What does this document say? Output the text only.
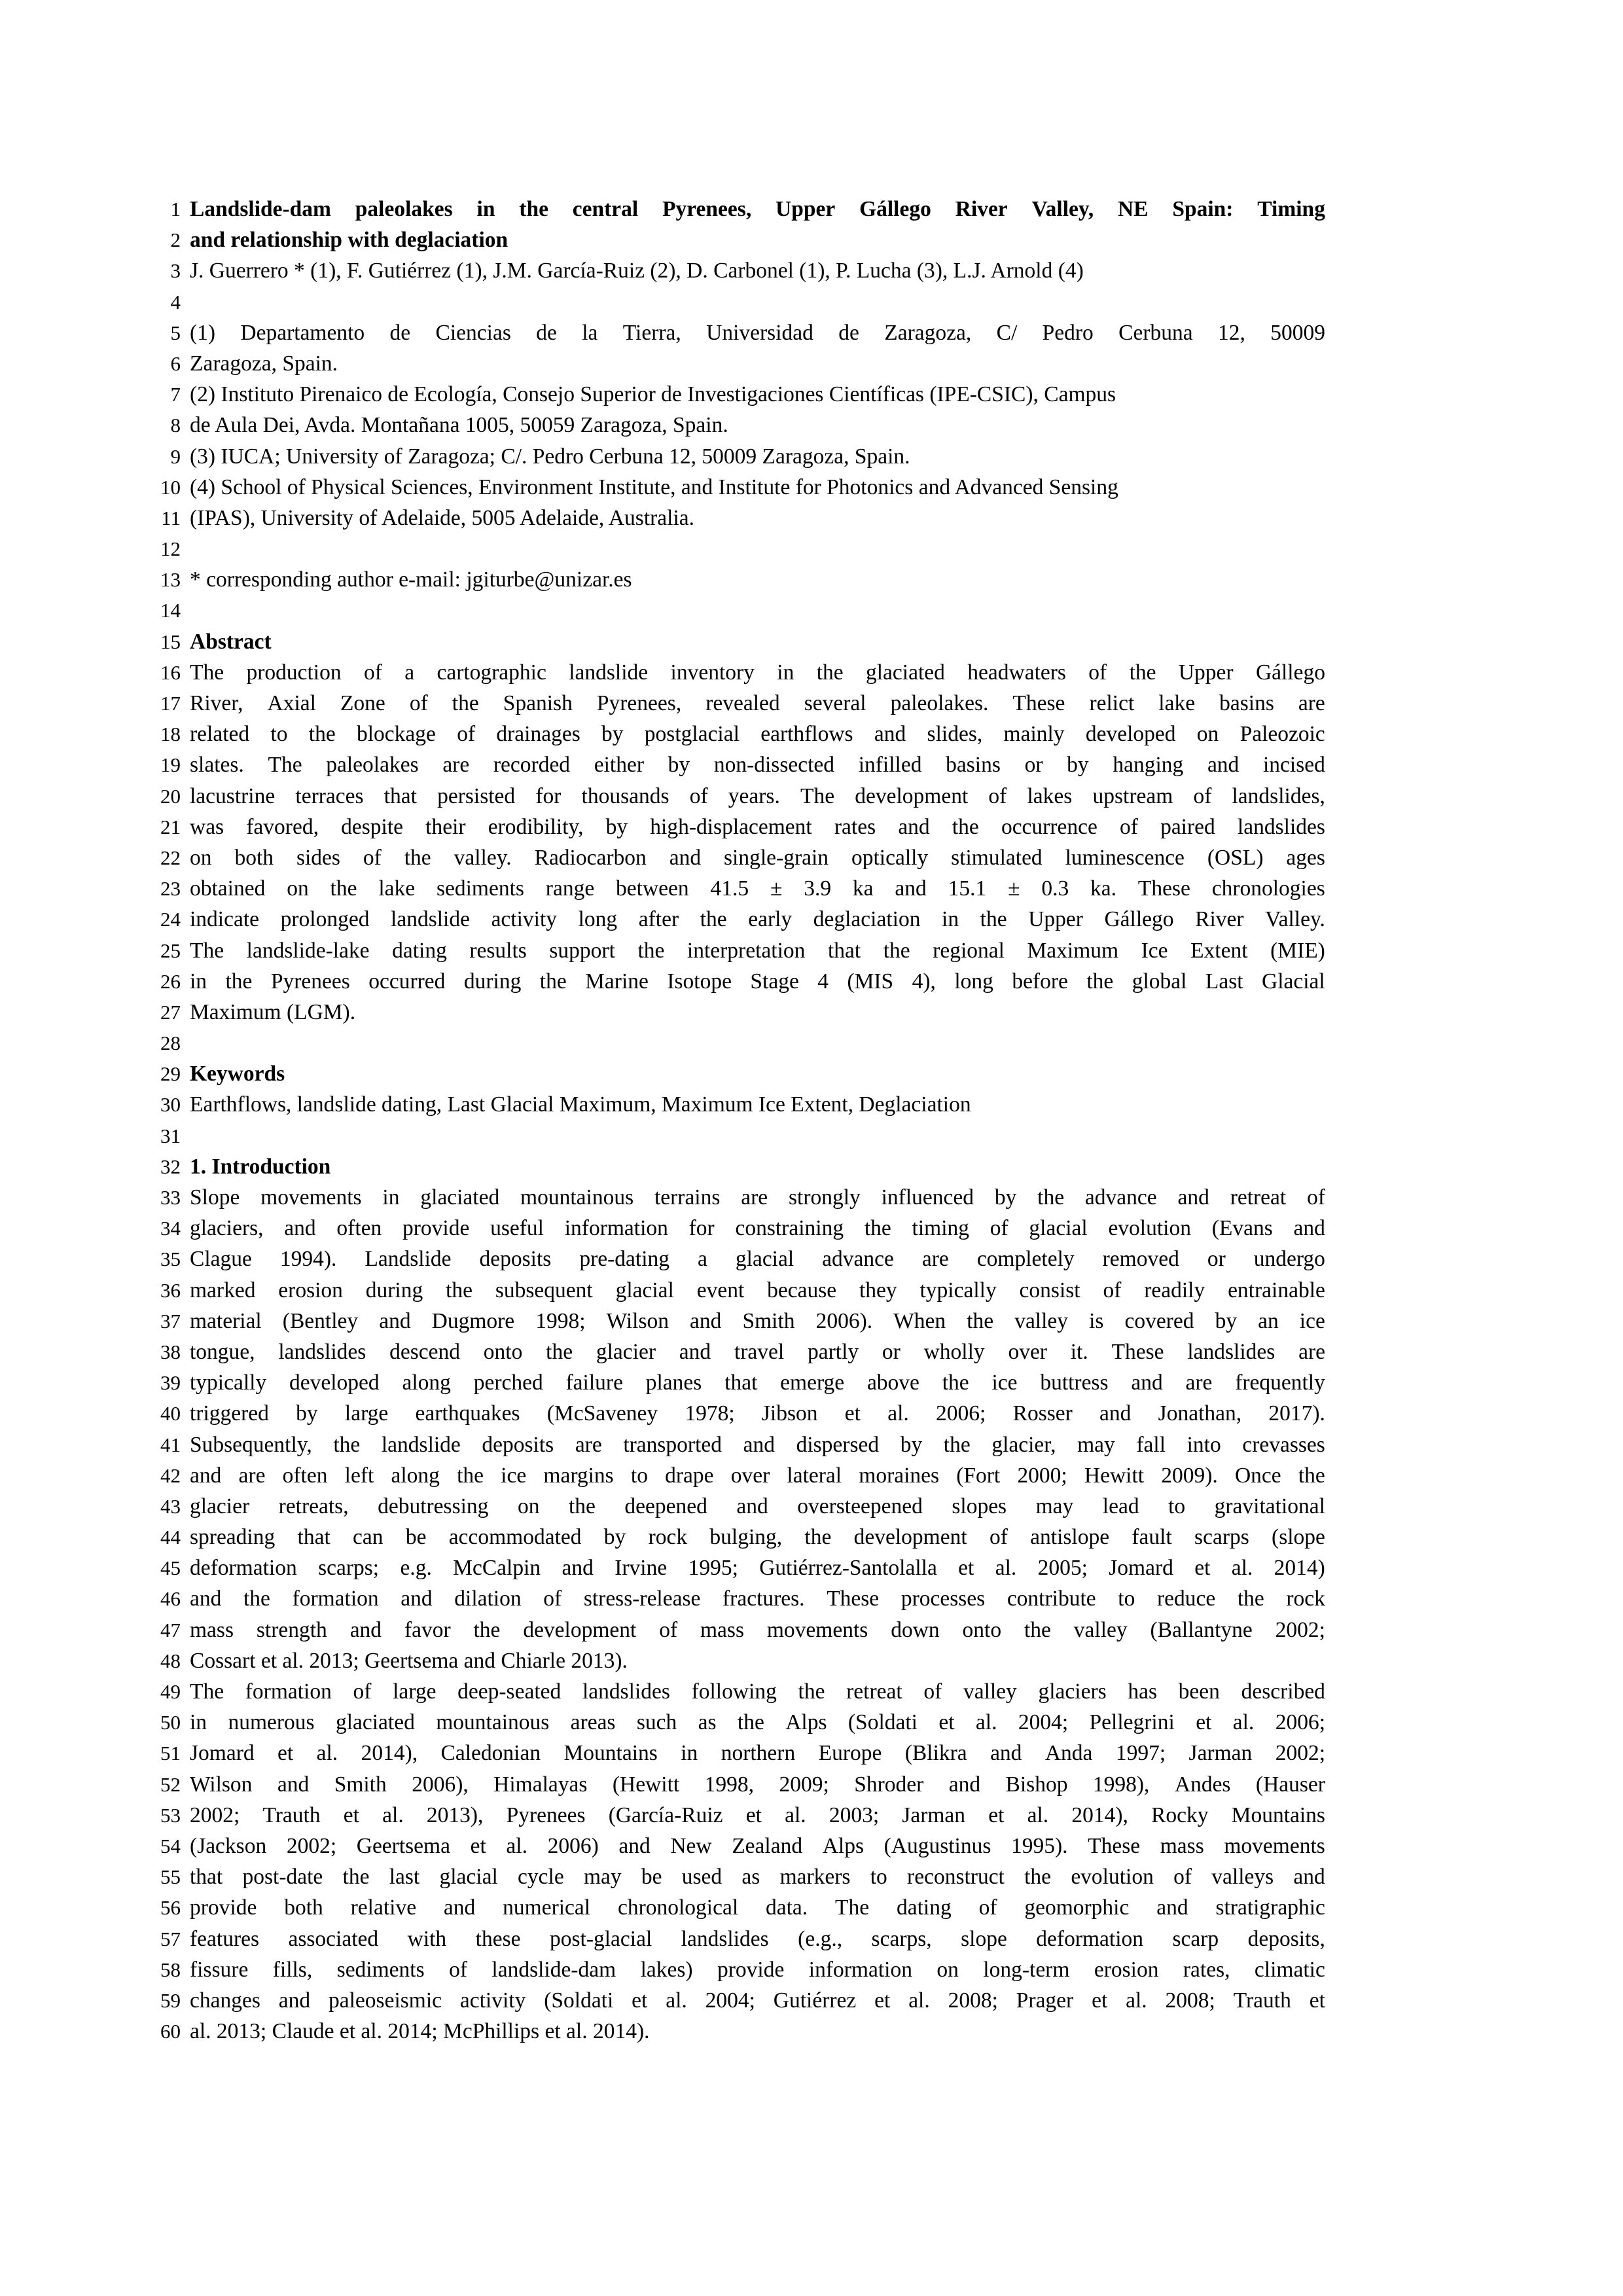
1 Landslide-dam paleolakes in the central Pyrenees, Upper Gállego River Valley, NE Spain: Timing
2 and relationship with deglaciation
3 J. Guerrero * (1), F. Gutiérrez (1), J.M. García-Ruiz (2), D. Carbonel (1), P. Lucha (3), L.J. Arnold (4)
4
5 (1) Departamento de Ciencias de la Tierra, Universidad de Zaragoza, C/ Pedro Cerbuna 12, 50009
6 Zaragoza, Spain.
7 (2) Instituto Pirenaico de Ecología, Consejo Superior de Investigaciones Científicas (IPE-CSIC), Campus
8 de Aula Dei, Avda. Montañana 1005, 50059 Zaragoza, Spain.
9 (3) IUCA; University of Zaragoza; C/. Pedro Cerbuna 12, 50009 Zaragoza, Spain.
10 (4) School of Physical Sciences, Environment Institute, and Institute for Photonics and Advanced Sensing
11 (IPAS), University of Adelaide, 5005 Adelaide, Australia.
12
13 * corresponding author e-mail: jgiturbe@unizar.es
14
15 Abstract
16 The production of a cartographic landslide inventory in the glaciated headwaters of the Upper Gállego
17 River, Axial Zone of the Spanish Pyrenees, revealed several paleolakes. These relict lake basins are
18 related to the blockage of drainages by postglacial earthflows and slides, mainly developed on Paleozoic
19 slates. The paleolakes are recorded either by non-dissected infilled basins or by hanging and incised
20 lacustrine terraces that persisted for thousands of years. The development of lakes upstream of landslides,
21 was favored, despite their erodibility, by high-displacement rates and the occurrence of paired landslides
22 on both sides of the valley. Radiocarbon and single-grain optically stimulated luminescence (OSL) ages
23 obtained on the lake sediments range between 41.5 ± 3.9 ka and 15.1 ± 0.3 ka. These chronologies
24 indicate prolonged landslide activity long after the early deglaciation in the Upper Gállego River Valley.
25 The landslide-lake dating results support the interpretation that the regional Maximum Ice Extent (MIE)
26 in the Pyrenees occurred during the Marine Isotope Stage 4 (MIS 4), long before the global Last Glacial
27 Maximum (LGM).
28
29 Keywords
30 Earthflows, landslide dating, Last Glacial Maximum, Maximum Ice Extent, Deglaciation
31
32 1. Introduction
33 Slope movements in glaciated mountainous terrains are strongly influenced by the advance and retreat of
34 glaciers, and often provide useful information for constraining the timing of glacial evolution (Evans and
35 Clague 1994). Landslide deposits pre-dating a glacial advance are completely removed or undergo
36 marked erosion during the subsequent glacial event because they typically consist of readily entrainable
37 material (Bentley and Dugmore 1998; Wilson and Smith 2006). When the valley is covered by an ice
38 tongue, landslides descend onto the glacier and travel partly or wholly over it. These landslides are
39 typically developed along perched failure planes that emerge above the ice buttress and are frequently
40 triggered by large earthquakes (McSaveney 1978; Jibson et al. 2006; Rosser and Jonathan, 2017).
41 Subsequently, the landslide deposits are transported and dispersed by the glacier, may fall into crevasses
42 and are often left along the ice margins to drape over lateral moraines (Fort 2000; Hewitt 2009). Once the
43 glacier retreats, debutressing on the deepened and oversteepened slopes may lead to gravitational
44 spreading that can be accommodated by rock bulging, the development of antislope fault scarps (slope
45 deformation scarps; e.g. McCalpin and Irvine 1995; Gutiérrez-Santolalla et al. 2005; Jomard et al. 2014)
46 and the formation and dilation of stress-release fractures. These processes contribute to reduce the rock
47 mass strength and favor the development of mass movements down onto the valley (Ballantyne 2002;
48 Cossart et al. 2013; Geertsema and Chiarle 2013).
49 The formation of large deep-seated landslides following the retreat of valley glaciers has been described
50 in numerous glaciated mountainous areas such as the Alps (Soldati et al. 2004; Pellegrini et al. 2006;
51 Jomard et al. 2014), Caledonian Mountains in northern Europe (Blikra and Anda 1997; Jarman 2002;
52 Wilson and Smith 2006), Himalayas (Hewitt 1998, 2009; Shroder and Bishop 1998), Andes (Hauser
53 2002; Trauth et al. 2013), Pyrenees (García-Ruiz et al. 2003; Jarman et al. 2014), Rocky Mountains
54 (Jackson 2002; Geertsema et al. 2006) and New Zealand Alps (Augustinus 1995). These mass movements
55 that post-date the last glacial cycle may be used as markers to reconstruct the evolution of valleys and
56 provide both relative and numerical chronological data. The dating of geomorphic and stratigraphic
57 features associated with these post-glacial landslides (e.g., scarps, slope deformation scarp deposits,
58 fissure fills, sediments of landslide-dam lakes) provide information on long-term erosion rates, climatic
59 changes and paleoseismic activity (Soldati et al. 2004; Gutiérrez et al. 2008; Prager et al. 2008; Trauth et
60 al. 2013; Claude et al. 2014; McPhillips et al. 2014).
